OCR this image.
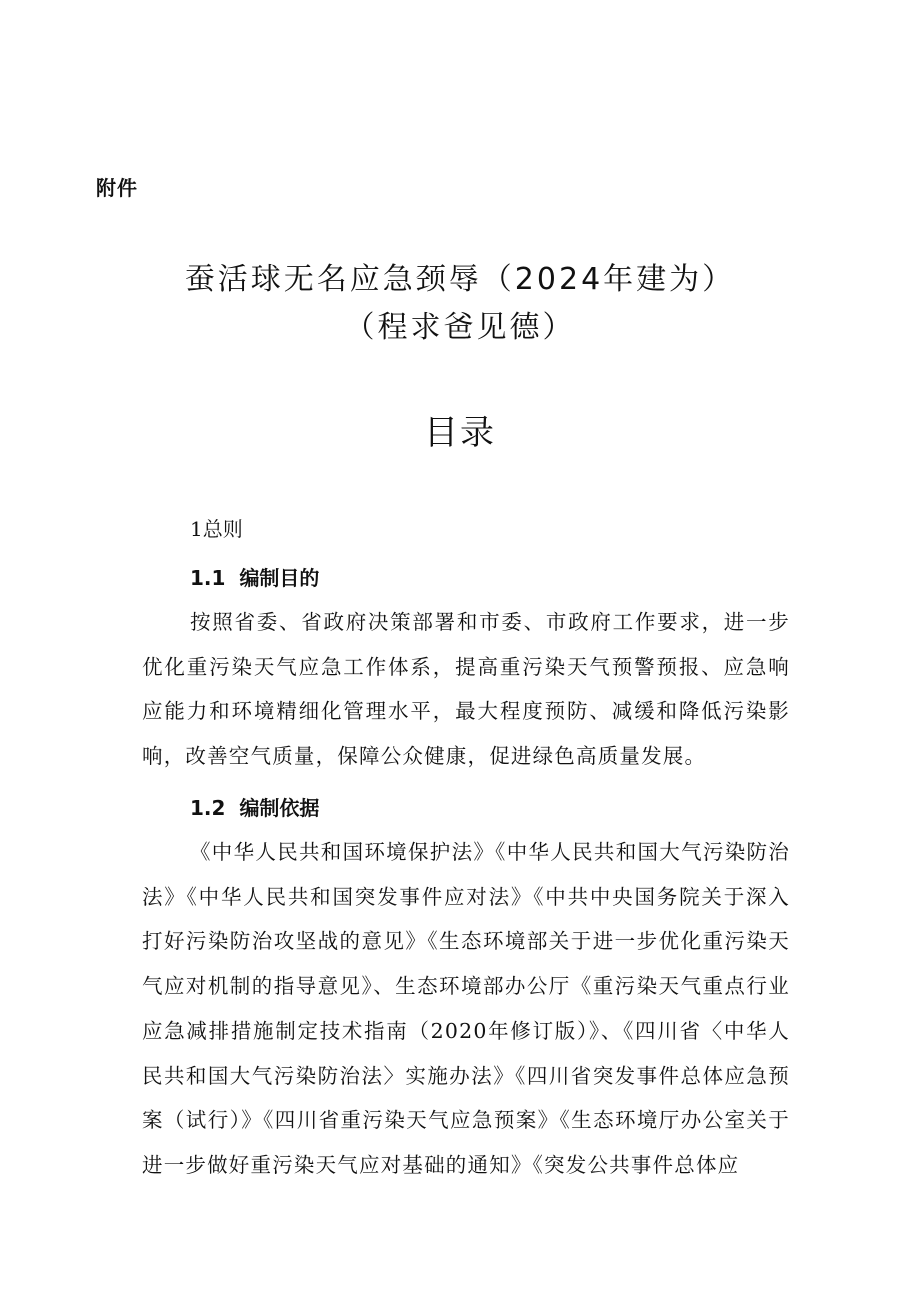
附件
蚕活球无名应急颈辱（2024年建为）
（程求爸见德）
目录
1总则
1.1 编制目的
按照省委、省政府决策部署和市委、市政府工作要求，进一步优化重污染天气应急工作体系，提高重污染天气预警预报、应急响应能力和环境精细化管理水平，最大程度预防、减缓和降低污染影响，改善空气质量，保障公众健康，促进绿色高质量发展。
1.2 编制依据
《中华人民共和国环境保护法》《中华人民共和国大气污染防治法》《中华人民共和国突发事件应对法》《中共中央国务院关于深入打好污染防治攻坚战的意见》《生态环境部关于进一步优化重污染天气应对机制的指导意见》、生态环境部办公厅《重污染天气重点行业应急减排措施制定技术指南（2020年修订版）》、《四川省〈中华人民共和国大气污染防治法〉实施办法》《四川省突发事件总体应急预案（试行）》《四川省重污染天气应急预案》《生态环境厅办公室关于进一步做好重污染天气应对基础的通知》《突发公共事件总体应
